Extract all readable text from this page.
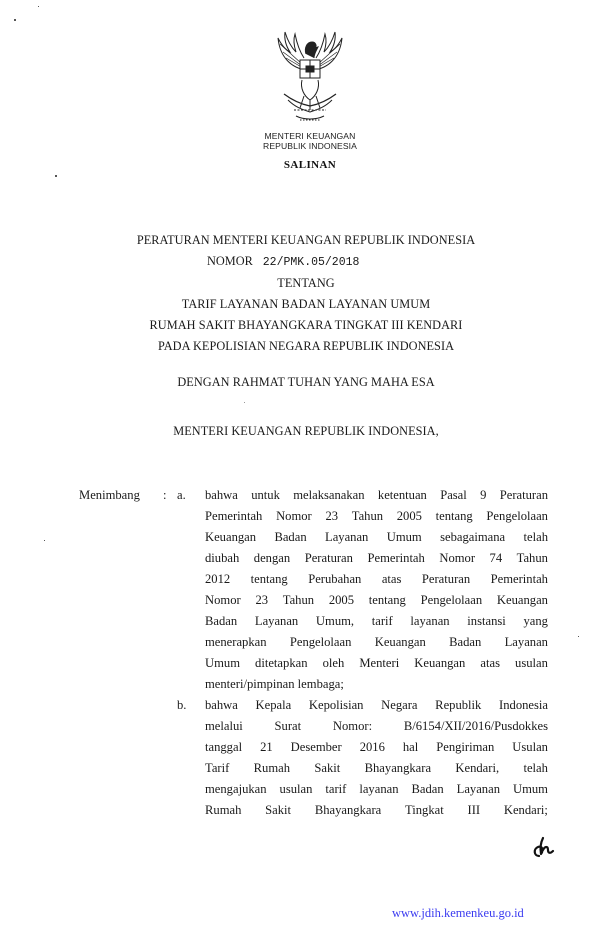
MENTERI KEUANGAN
REPUBLIK INDONESIA
SALINAN
PERATURAN MENTERI KEUANGAN REPUBLIK INDONESIA
NOMOR 22/PMK.05/2018
TENTANG
TARIF LAYANAN BADAN LAYANAN UMUM
RUMAH SAKIT BHAYANGKARA TINGKAT III KENDARI
PADA KEPOLISIAN NEGARA REPUBLIK INDONESIA
DENGAN RAHMAT TUHAN YANG MAHA ESA
MENTERI KEUANGAN REPUBLIK INDONESIA,
Menimbang : a. bahwa untuk melaksanakan ketentuan Pasal 9 Peraturan
Pemerintah Nomor 23 Tahun 2005 tentang Pengelolaan
Keuangan Badan Layanan Umum sebagaimana telah
diubah dengan Peraturan Pemerintah Nomor 74 Tahun
2012 tentang Perubahan atas Peraturan Pemerintah
Nomor 23 Tahun 2005 tentang Pengelolaan Keuangan
Badan Layanan Umum, tarif layanan instansi yang
menerapkan Pengelolaan Keuangan Badan Layanan
Umum ditetapkan oleh Menteri Keuangan atas usulan
menteri/pimpinan lembaga;
b. bahwa Kepala Kepolisian Negara Republik Indonesia
melalui	Surat	Nomor:	B/6154/XII/2016/Pusdokkes
tanggal 21 Desember 2016 hal Pengiriman Usulan
Tarif Rumah Sakit Bhayangkara Kendari, telah
mengajukan usulan tarif layanan Badan Layanan Umum
Rumah Sakit Bhayangkara Tingkat III Kendari;
www.jdih.kemenkeu.go.id
